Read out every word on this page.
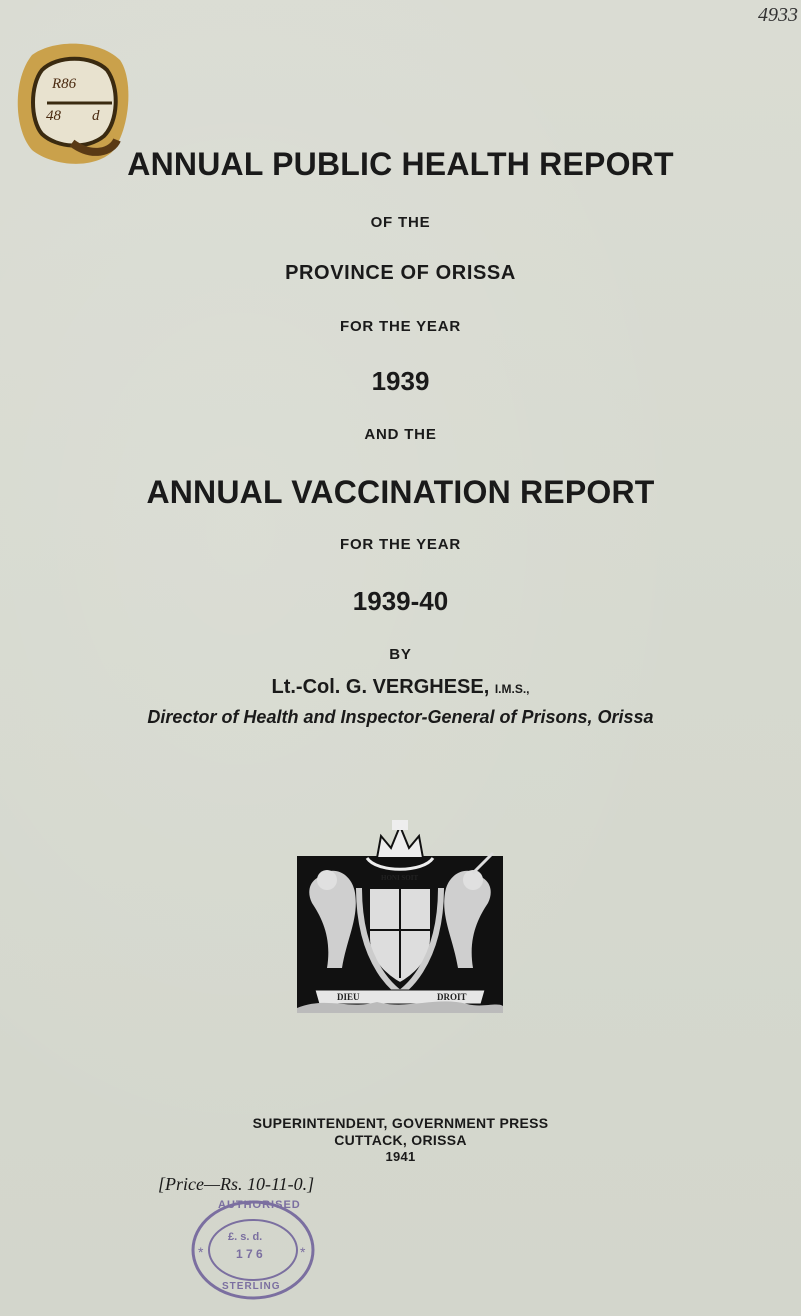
4933
R86
48 d
ANNUAL PUBLIC HEALTH REPORT
OF THE
PROVINCE OF ORISSA
FOR THE YEAR
1939
AND THE
ANNUAL VACCINATION REPORT
FOR THE YEAR
1939-40
BY
Lt.-Col. G. VERGHESE, I.M.S.,
Director of Health and Inspector-General of Prisons, Orissa
DIEU	DROIT
HONI SOIT
SUPERINTENDENT, GOVERNMENT PRESS
CUTTACK, ORISSA
1941
[Price—Rs. 10-11-0.]
*	*
AUTHORISED
£. s. d.
1 7 6
STERLING
